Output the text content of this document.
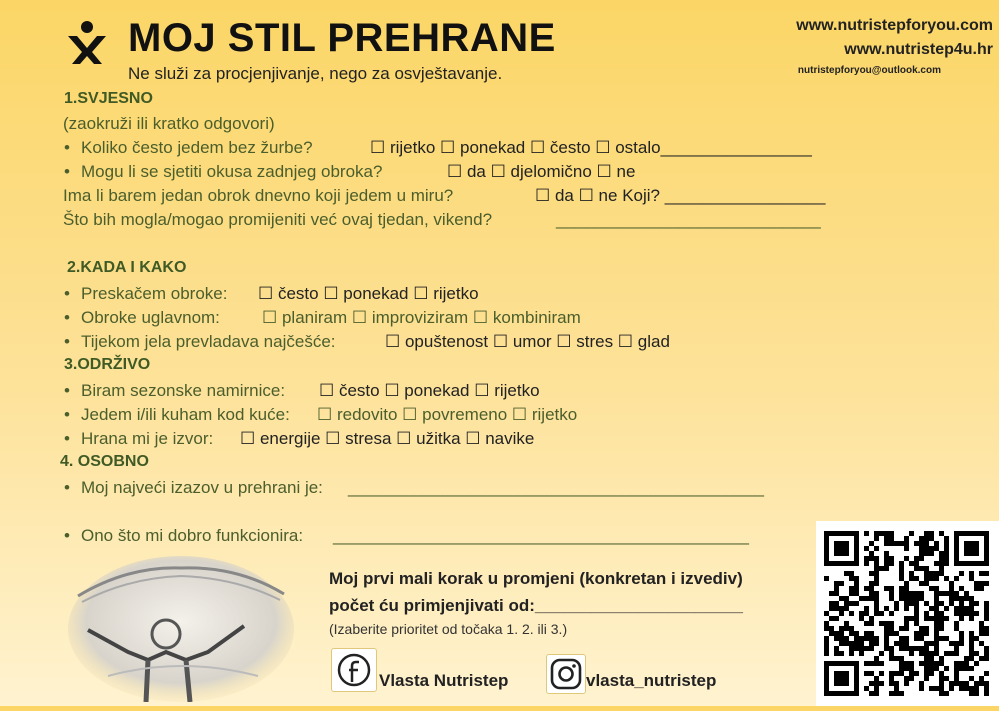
MOJ STIL PREHRANE
Ne služi za procjenjivanje, nego za osvještavanje.
www.nutristepforyou.com
www.nutristep4u.hr
nutristepforyou@outlook.com
1.SVJESNO
(zaokruži ili kratko odgovori)
• Koliko često jedem bez žurbe?	☐ rijetko ☐ ponekad ☐ često ☐ ostalo________________
• Mogu li se sjetiti okusa zadnjeg obroka?	☐ da ☐ djelomično ☐ ne
Ima li barem jedan obrok dnevno koji jedem u miru?	☐ da ☐ ne Koji? _________________
Što bih mogla/mogao promijeniti već ovaj tjedan, vikend?	____________________________
2.KADA I KAKO
• Preskačem obroke: ☐ često ☐ ponekad ☐ rijetko
• Obroke uglavnom: ☐ planiram ☐ improviziram ☐ kombiniram
• Tijekom jela prevladava najčešće:	☐ opuštenost ☐ umor ☐ stres ☐ glad
3.ODRŽIVO
• Biram sezonske namirnice: ☐ često ☐ ponekad ☐ rijetko
• Jedem i/ili kuham kod kuće: ☐ redovito ☐ povremeno ☐ rijetko
• Hrana mi je izvor: ☐ energije ☐ stresa ☐ užitka ☐ navike
4. OSOBNO
• Moj najveći izazov u prehrani je: ____________________________________________
• Ono što mi dobro funkcionira: ____________________________________________
Moj prvi mali korak u promjeni (konkretan i izvediv)
počet ću primjenjivati od:______________________
(Izaberite prioritet od točaka 1. 2. ili 3.)
Vlasta Nutristep	vlasta_nutristep
